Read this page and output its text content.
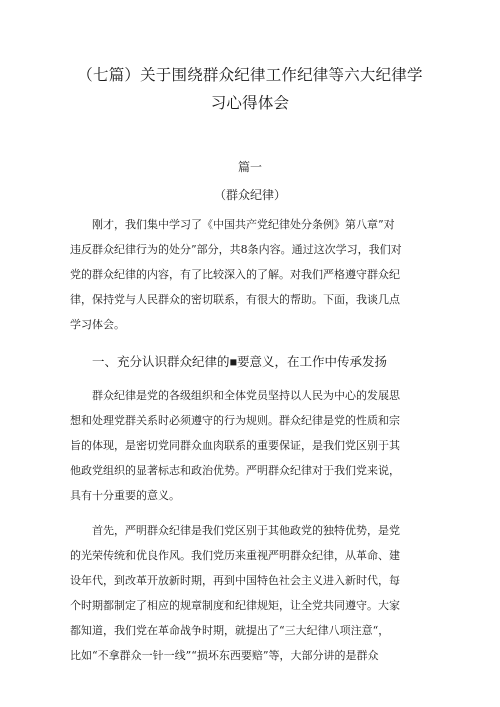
（七篇）关于围绕群众纪律工作纪律等六大纪律学
习心得体会
篇一
（群众纪律）

刚才，我们集中学习了《中国共产党纪律处分条例》第八章”对
违反群众纪律行为的处分”部分，共8条内容。通过这次学习，我们对
党的群众纪律的内容，有了比较深入的了解。对我们严格遵守群众纪
律，保持党与人民群众的密切联系，有很大的帮助。下面，我谈几点
学习体会。

一、充分认识群众纪律的■要意义，在工作中传承发扬

群众纪律是党的各级组织和全体党员坚持以人民为中心的发展思
想和处理党群关系时必须遵守的行为规则。群众纪律是党的性质和宗
旨的体现，是密切党同群众血肉联系的重要保证，是我们党区别于其
他政党组织的显著标志和政治优势。严明群众纪律对于我们党来说，
具有十分重要的意义。

首先，严明群众纪律是我们党区别于其他政党的独特优势，是党
的光荣传统和优良作风。我们党历来重视严明群众纪律，从革命、建
设年代，到改革开放新时期，再到中国特色社会主义进入新时代，每
个时期都制定了相应的规章制度和纪律规矩，让全党共同遵守。大家
都知道，我们党在革命战争时期，就提出了“三大纪律八项注意“，
比如“不拿群众一针一线”“损坏东西要赔”等，大部分讲的是群众
